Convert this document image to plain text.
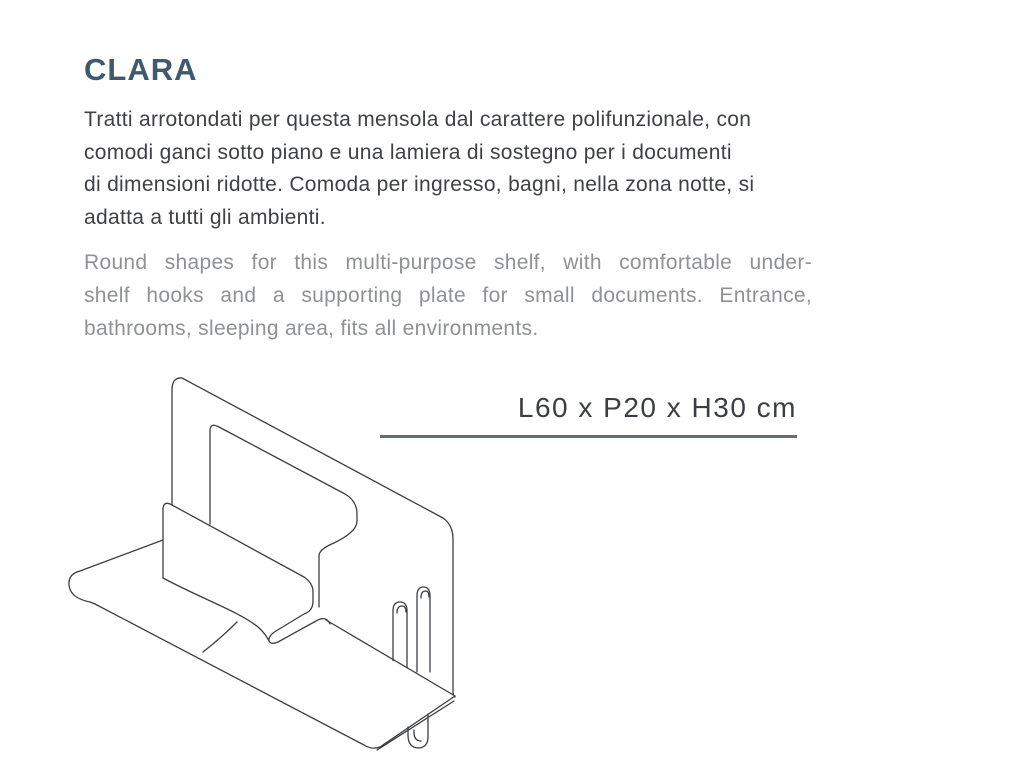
CLARA
Tratti arrotondati per questa mensola dal carattere polifunzionale, con
comodi ganci sotto piano e una lamiera di sostegno per i documenti
di dimensioni ridotte. Comoda per ingresso, bagni, nella zona notte, si
adatta a tutti gli ambienti.
Round shapes for this multi-purpose shelf, with comfortable under-
shelf hooks and a supporting plate for small documents. Entrance,
bathrooms, sleeping area, fits all environments.
L60 x P20 x H30 cm
